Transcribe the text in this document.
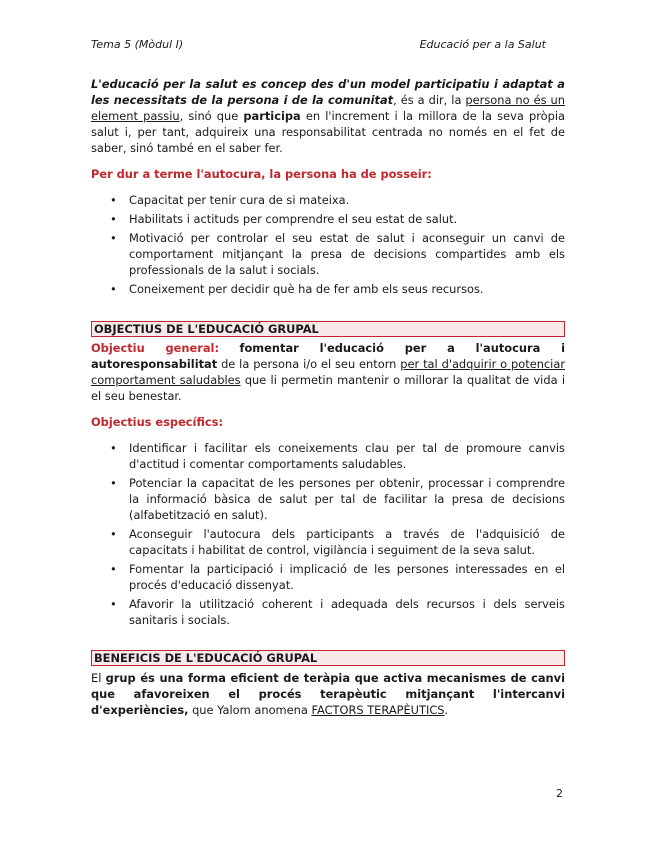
Tema 5 (Mòdul I)	Educació per a la Salut

L'educació per la salut es concep des d'un model participatiu i adaptat a les necessitats de la persona i de la comunitat, és a dir, la persona no és un element passiu, sinó que participa en l'increment i la millora de la seva pròpia salut i, per tant, adquireix una responsabilitat centrada no només en el fet de saber, sinó també en el saber fer.

Per dur a terme l'autocura, la persona ha de posseir:

• Capacitat per tenir cura de si mateixa.
• Habilitats i actituds per comprendre el seu estat de salut.
• Motivació per controlar el seu estat de salut i aconseguir un canvi de comportament mitjançant la presa de decisions compartides amb els professionals de la salut i socials.
• Coneixement per decidir què ha de fer amb els seus recursos.
OBJECTIUS DE L'EDUCACIÓ GRUPAL

Objectiu general: fomentar l'educació per a l'autocura i autoresponsabilitat de la persona i/o el seu entorn per tal d'adquirir o potenciar comportament saludables que li permetin mantenir o millorar la qualitat de vida i el seu benestar.

Objectius específics:

• Identificar i facilitar els coneixements clau per tal de promoure canvis d'actitud i comentar comportaments saludables.
• Potenciar la capacitat de les persones per obtenir, processar i comprendre la informació bàsica de salut per tal de facilitar la presa de decisions (alfabetització en salut).
• Aconseguir l'autocura dels participants a través de l'adquisició de capacitats i habilitat de control, vigilància i seguiment de la seva salut.
• Fomentar la participació i implicació de les persones interessades en el procés d'educació dissenyat.
• Afavorir la utilització coherent i adequada dels recursos i dels serveis sanitaris i socials.
BENEFICIS DE L'EDUCACIÓ GRUPAL

El grup és una forma eficient de teràpia que activa mecanismes de canvi que afavoreixen el procés terapèutic mitjançant l'intercanvi d'experiències, que Yalom anomena FACTORS TERAPÈUTICS.

2
